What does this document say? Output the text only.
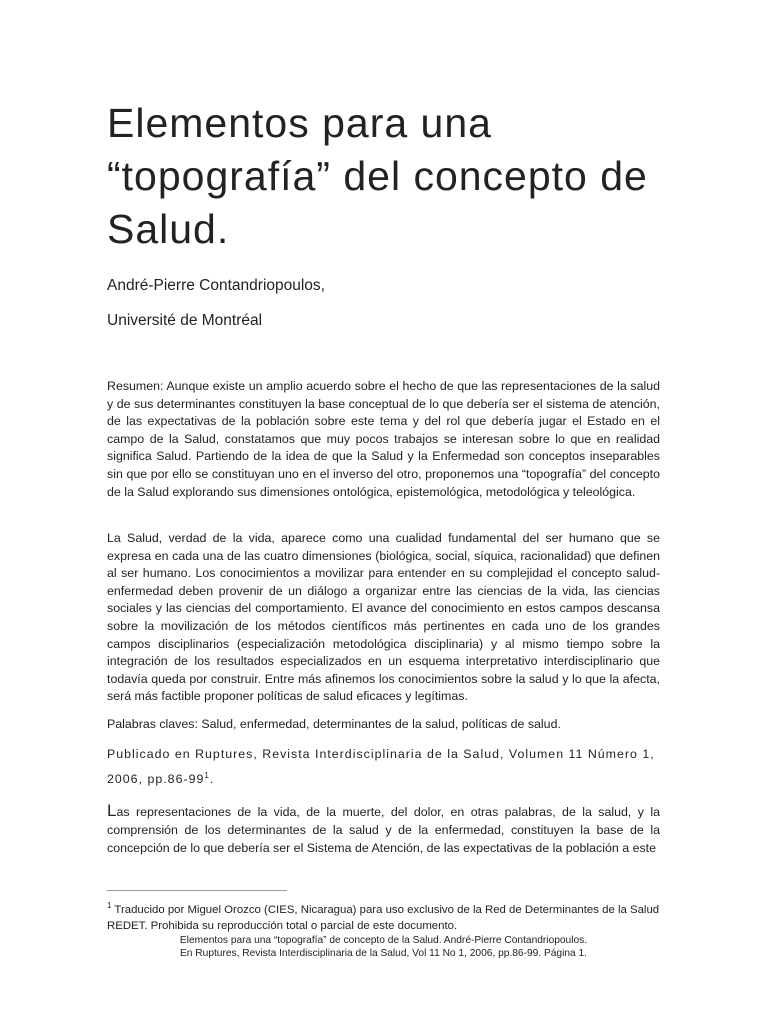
Elementos para una “topografía” del concepto de Salud.

André-Pierre Contandriopoulos,

Université de Montréal

Resumen: Aunque existe un amplio acuerdo sobre el hecho de que las representaciones de la salud y de sus determinantes constituyen la base conceptual de lo que debería ser el sistema de atención, de las expectativas de la población sobre este tema y del rol que debería jugar el Estado en el campo de la Salud, constatamos que muy pocos trabajos se interesan sobre lo que en realidad significa Salud. Partiendo de la idea de que la Salud y la Enfermedad son conceptos inseparables sin que por ello se constituyan uno en el inverso del otro, proponemos una “topografía” del concepto de la Salud explorando sus dimensiones ontológica, epistemológica, metodológica y teleológica.

La Salud, verdad de la vida, aparece como una cualidad fundamental del ser humano que se expresa en cada una de las cuatro dimensiones (biológica, social, síquica, racionalidad) que definen al ser humano. Los conocimientos a movilizar para entender en su complejidad el concepto salud-enfermedad deben provenir de un diálogo a organizar entre las ciencias de la vida, las ciencias sociales y las ciencias del comportamiento. El avance del conocimiento en estos campos descansa sobre la movilización de los métodos científicos más pertinentes en cada uno de los grandes campos disciplinarios (especialización metodológica disciplinaria) y al mismo tiempo sobre la integración de los resultados especializados en un esquema interpretativo interdisciplinario que todavía queda por construir. Entre más afinemos los conocimientos sobre la salud y lo que la afecta, será más factible proponer políticas de salud eficaces y legítimas.

Palabras claves: Salud, enfermedad, determinantes de la salud, políticas de salud.

Publicado en Ruptures, Revista Interdisciplinaria de la Salud, Volumen 11 Número 1, 2006, $pp.86-99^1$.

Las representaciones de la vida, de la muerte, del dolor, en otras palabras, de la salud, y la comprensión de los determinantes de la salud y de la enfermedad, constituyen la base de la concepción de lo que debería ser el Sistema de Atención, de las expectativas de la población a este

$^1$ Traducido por Miguel Orozco (CIES, Nicaragua) para uso exclusivo de la Red de Determinantes de la Salud REDET. Prohibida su reproducción total o parcial de este documento.

Elementos para una “topografía” de concepto de la Salud. André-Pierre Contandriopoulos.
En Ruptures, Revista Interdisciplinaria de la Salud, Vol 11 No 1, 2006, pp.86-99. Página 1.
